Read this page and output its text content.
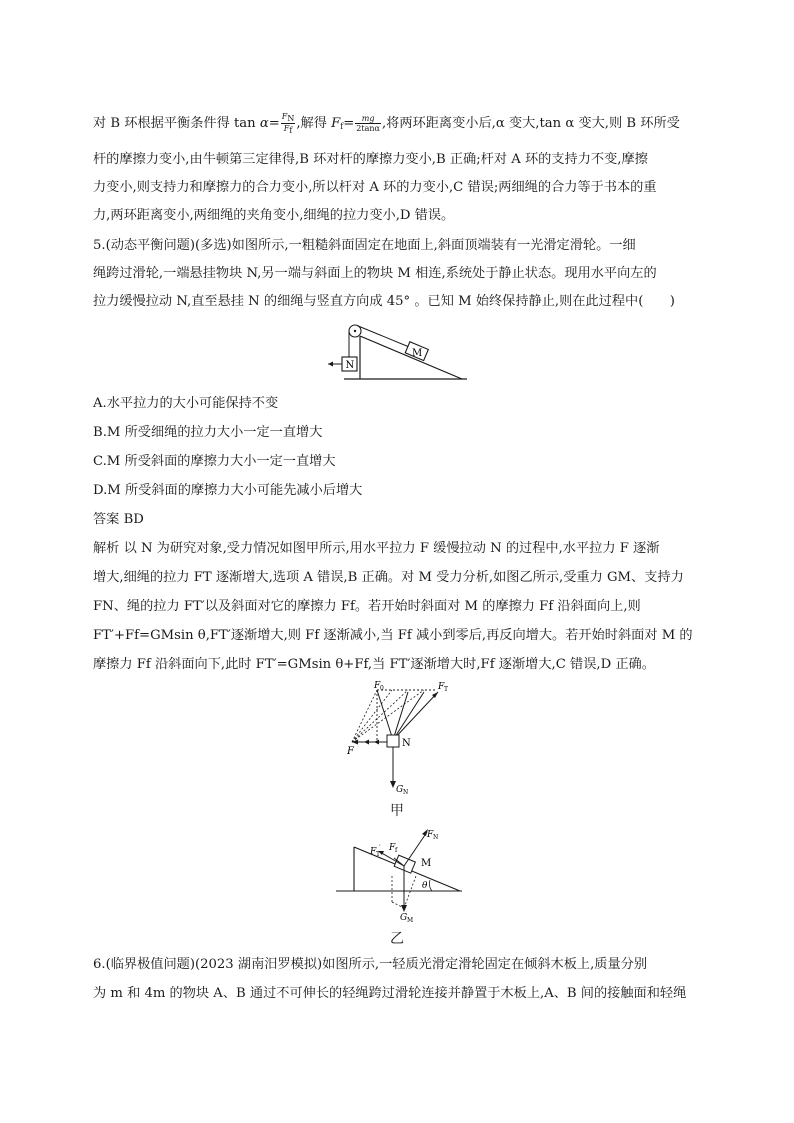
对 B 环根据平衡条件得 $\tan \alpha= \frac{FN}{Ff}$ ,解得 $F_f= \frac{mg}{2\tan\alpha}$ ,将两环距离变小后,α 变大,tan α 变大,则 B 环所受
杆的摩擦力变小,由牛顿第三定律得,B 环对杆的摩擦力变小,B 正确;杆对 A 环的支持力不变,摩擦
力变小,则支持力和摩擦力的合力变小,所以杆对 A 环的力变小,C 错误;两细绳的合力等于书本的重
力,两环距离变小,两细绳的夹角变小,细绳的拉力变小,D 错误。
5.(动态平衡问题)(多选)如图所示,一粗糙斜面固定在地面上,斜面顶端装有一光滑定滑轮。一细
绳跨过滑轮,一端悬挂物块 N,另一端与斜面上的物块 M 相连,系统处于静止状态。现用水平向左的
拉力缓慢拉动 N,直至悬挂 N 的细绳与竖直方向成 45° 。已知 M 始终保持静止,则在此过程中(　　)
M
N
A.水平拉力的大小可能保持不变
B.M 所受细绳的拉力大小一定一直增大
C.M 所受斜面的摩擦力大小一定一直增大
D.M 所受斜面的摩擦力大小可能先减小后增大
答案 BD
解析 以 N 为研究对象,受力情况如图甲所示,用水平拉力 F 缓慢拉动 N 的过程中,水平拉力 F 逐渐
增大,细绳的拉力 FT 逐渐增大,选项 A 错误,B 正确。对 M 受力分析,如图乙所示,受重力 GM、支持力
FN、绳的拉力 FT′以及斜面对它的摩擦力 Ff。若开始时斜面对 M 的摩擦力 Ff 沿斜面向上,则
FT′+Ff=GMsin θ,FT′逐渐增大,则 Ff 逐渐减小,当 Ff 减小到零后,再反向增大。若开始时斜面对 M 的
摩擦力 Ff 沿斜面向下,此时 FT′=GMsin θ+Ff,当 FT′逐渐增大时,Ff 逐渐增大,C 错误,D 正确。
F 0	F T
F
N
G N
甲
F N
F T
′ F f
M
θ
G M
乙
6.(临界极值问题)(2023 湖南汨罗模拟)如图所示,一轻质光滑定滑轮固定在倾斜木板上,质量分别
为 m 和 4m 的物块 A、B 通过不可伸长的轻绳跨过滑轮连接并静置于木板上,A、B 间的接触面和轻绳
